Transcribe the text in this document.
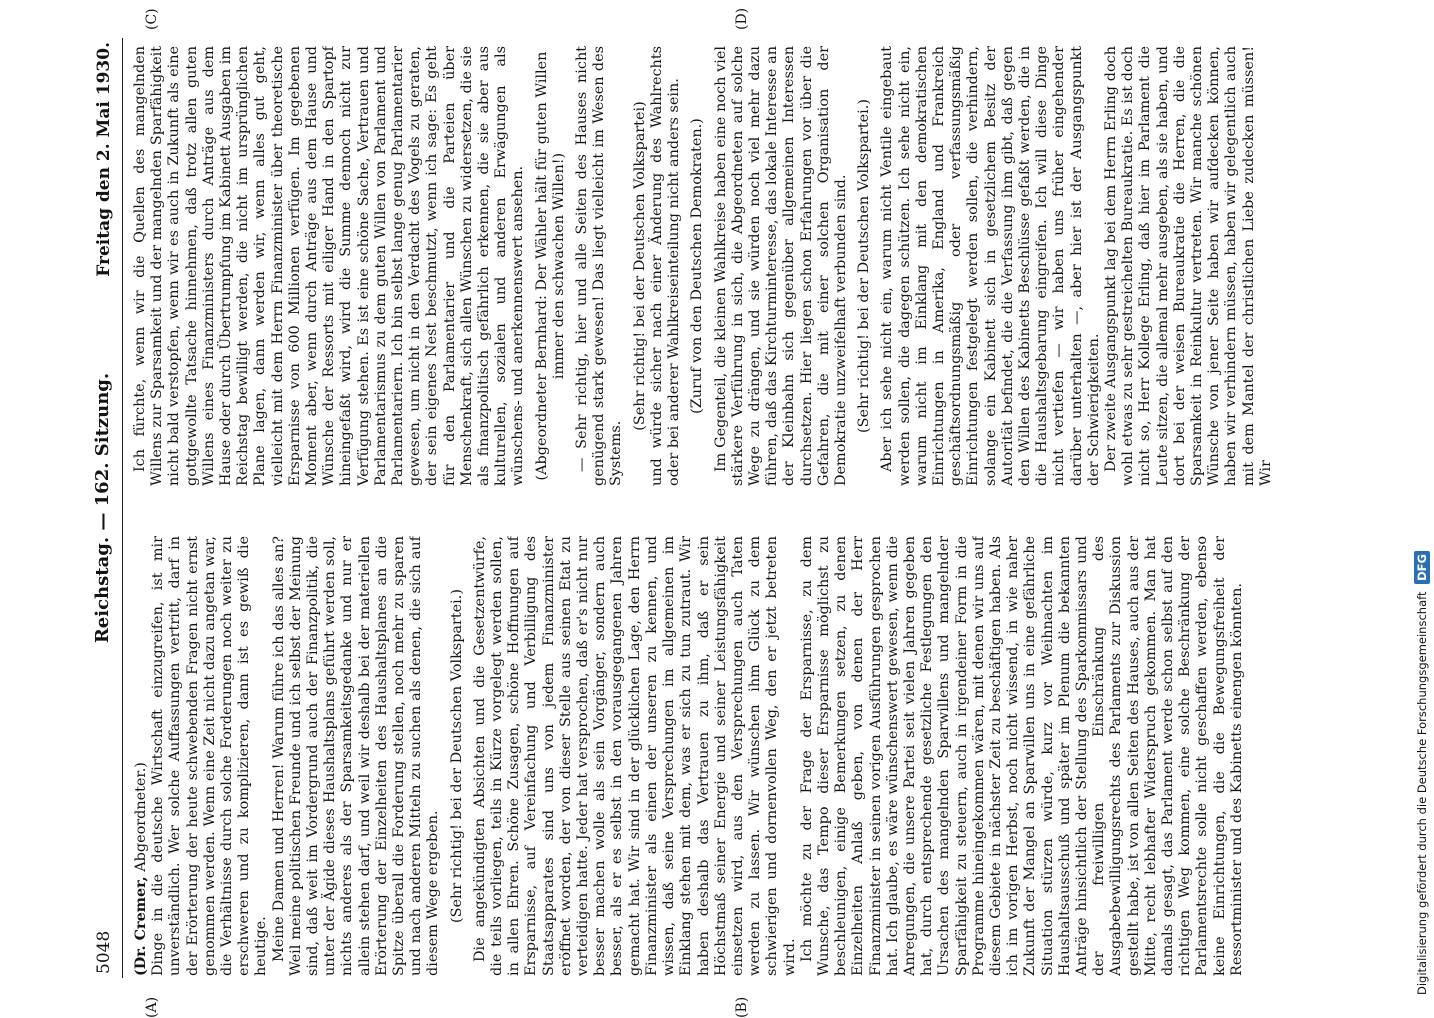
5048
Reichstag. — 162. Sitzung.
Freitag den 2. Mai 1930.

(Dr. Cremer, Abgeordneter.) Dinge in die deutsche Wirtschaft einzugreifen, ist mir unverständlich. Wer solche Auffassungen vertritt, darf in der Erörterung der heute schwebenden Fragen nicht ernst genommen werden. Wenn eine Zeit nicht dazu angetan war, die Verhältnisse durch solche Forderungen noch weiter zu erschweren und zu komplizieren, dann ist es gewiß die heutige. Meine Damen und Herren! Warum führe ich das alles an? Weil meine politischen Freunde und ich selbst der Meinung sind, daß weit im Vordergrund auch der Finanzpolitik, die unter der Ägide dieses Haushaltsplans geführt werden soll, nichts anderes als der Sparsamkeitsgedanke und nur er allein stehen darf, und weil wir deshalb bei der materiellen Erörterung der Einzelheiten des Haushaltsplanes an die Spitze überall die Forderung stellen, noch mehr zu sparen und nach anderen Mitteln zu suchen als denen, die sich auf diesem Wege ergeben. (Sehr richtig! bei der Deutschen Volkspartei.) Die angekündigten Absichten und die Gesetzentwürfe, die teils vorliegen, teils in Kürze vorgelegt werden sollen, in allen Ehren. Schöne Zusagen, schöne Hoffnungen auf Ersparnisse, auf Vereinfachung und Verbilligung des Staatsapparates sind uns von jedem Finanzminister eröffnet worden, der von dieser Stelle aus seinen Etat zu verteidigen hatte. Jeder hat versprochen, daß er's nicht nur besser machen wolle als sein Vorgänger, sondern auch besser, als er es selbst in den vorausgegangenen Jahren gemacht hat. Wir sind in der glücklichen Lage, den Herrn Finanzminister als einen der unseren zu kennen, und wissen, daß seine Versprechungen im allgemeinen im Einklang stehen mit dem, was er sich zu tun zutraut. Wir haben deshalb das Vertrauen zu ihm, daß er sein Höchstmaß seiner Energie und seiner Leistungsfähigkeit einsetzen wird, aus den Versprechungen auch Taten werden zu lassen. Wir wünschen ihm Glück zu dem schwierigen und dornenvollen Weg, den er jetzt betreten wird. Ich möchte zu der Frage der Ersparnisse, zu dem Wunsche, das Tempo dieser Ersparnisse möglichst zu beschleunigen, einige Bemerkungen setzen, zu denen Einzelheiten Anlaß geben, von denen der Herr Finanzminister in seinen vorigen Ausführungen gesprochen hat. Ich glaube, es wäre wünschenswert gewesen, wenn die Anregungen, die unsere Partei seit vielen Jahren gegeben hat, durch entsprechende gesetzliche Festlegungen den Ursachen des mangelnden Sparwillens und mangelnder Sparfähigkeit zu steuern, auch in irgendeiner Form in die Programme hineingekommen wären, mit denen wir uns auf diesem Gebiete in nächster Zeit zu beschäftigen haben. Als ich im vorigen Herbst, noch nicht wissend, in wie naher Zukunft der Mangel an Sparwillen uns in eine gefährliche Situation stürzen würde, kurz vor Weihnachten im Haushaltsausschuß und später im Plenum die bekannten Anträge hinsichtlich der Stellung des Sparkommissars und der freiwilligen Einschränkung des Ausgabebewilligungsrechts des Parlaments zur Diskussion gestellt habe, ist von allen Seiten des Hauses, auch aus der Mitte, recht lebhafter Widerspruch gekommen. Man hat damals gesagt, das Parlament werde schon selbst auf den richtigen Weg kommen, eine solche Beschränkung der Parlamentsrechte solle nicht geschaffen werden, ebenso keine Einrichtungen, die die Bewegungsfreiheit der Ressortminister und des Kabinetts einengen könnten.

Ich fürchte, wenn wir die Quellen des mangelnden Willens zur Sparsamkeit und der mangelnden Sparfähigkeit nicht bald verstopfen, wenn wir es auch in Zukunft als eine gottgewollte Tatsache hinnehmen, daß trotz allen guten Willens eines Finanzministers durch Anträge aus dem Hause oder durch Übertrumpfung im Kabinett Ausgaben im Reichstag bewilligt werden, die nicht im ursprünglichen Plane lagen, dann werden wir, wenn alles gut geht, vielleicht mit dem Herrn Finanzminister über theoretische Ersparnisse von 600 Millionen verfügen. Im gegebenen Moment aber, wenn durch Anträge aus dem Hause und Wünsche der Ressorts mit eiliger Hand in den Spartopf hineingefaßt wird, wird die Summe dennoch nicht zur Verfügung stehen. Es ist eine schöne Sache, Vertrauen und Parlamentarismus zu dem guten Willen von Parlament und Parlamentariern. Ich bin selbst lange genug Parlamentarier gewesen, um nicht in den Verdacht des Vogels zu geraten, der sein eigenes Nest beschmutzt, wenn ich sage: Es geht für den Parlamentarier und die Parteien über Menschenkraft, sich allen Wünschen zu widersetzen, die sie als finanzpolitisch gefährlich erkennen, die sie aber aus kulturellen, sozialen und anderen Erwägungen als wünschens- und anerkennenswert ansehen. (Abgeordneter Bernhard: Der Wähler hält für guten Willen immer den schwachen Willen!) — Sehr richtig, hier und alle Seiten des Hauses nicht genügend stark gewesen! Das liegt vielleicht im Wesen des Systems.

(Sehr richtig! bei der Deutschen Volkspartei) und würde sicher nach einer Änderung des Wahlrechts oder bei anderer Wahlkreiseinteilung nicht anders sein. (Zuruf von den Deutschen Demokraten.) Im Gegenteil, die kleinen Wahlkreise haben eine noch viel stärkere Verführung in sich, die Abgeordneten auf solche Wege zu drängen, und sie würden noch viel mehr dazu führen, daß das Kirchturminteresse, das lokale Interesse an der Kleinbahn sich gegenüber allgemeinen Interessen durchsetzen. Hier liegen schon Erfahrungen vor über die Gefahren, die mit einer solchen Organisation der Demokratie unzweifelhaft verbunden sind. (Sehr richtig! bei der Deutschen Volkspartei.) Aber ich sehe nicht ein, warum nicht Ventile eingebaut werden sollen, die dagegen schützen. Ich sehe nicht ein, warum nicht im Einklang mit den demokratischen Einrichtungen in Amerika, England und Frankreich geschäftsordnungsmäßig oder verfassungsmäßig Einrichtungen festgelegt werden sollen, die verhindern, solange ein Kabinett sich in gesetzlichem Besitz der Autorität befindet, die die Verfassung ihm gibt, daß gegen den Willen des Kabinetts Beschlüsse gefaßt werden, die in die Haushaltsgebarung eingreifen. Ich will diese Dinge nicht vertiefen — wir haben uns früher eingehender darüber unterhalten —, aber hier ist der Ausgangspunkt der Schwierigkeiten. Der zweite Ausgangspunkt lag bei dem Herrn Erling doch wohl etwas zu sehr gestreichelten Bureaukratie. Es ist doch nicht so, Herr Kollege Erling, daß hier im Parlament die Leute sitzen, die allemal mehr ausgeben, als sie haben, und dort bei der weisen Bureaukratie die Herren, die die Sparsamkeit in Reinkultur vertreten. Wir manche schönen Wünsche von jener Seite haben wir aufdecken können, haben wir verhindern müssen, haben wir gelegentlich auch mit dem Mantel der christlichen Liebe zudecken müssen! Wir

(A)	(B)
(C)	(D)
Digitalisierung gefördert durch die Deutsche Forschungsgemeinschaft DFG
